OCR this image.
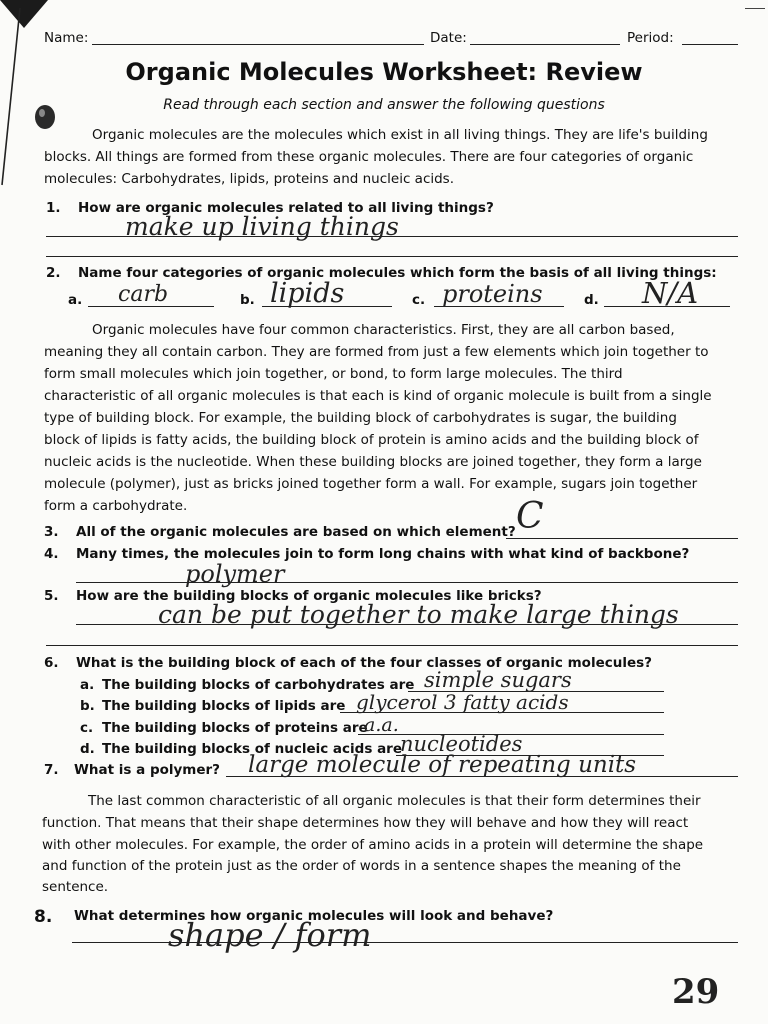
Name:	Date:	Period:
Organic Molecules Worksheet: Review
Read through each section and answer the following questions
Organic molecules are the molecules which exist in all living things. They are life's building
blocks. All things are formed from these organic molecules. There are four categories of organic
molecules: Carbohydrates, lipids, proteins and nucleic acids.
1. How are organic molecules related to all living things?
make up living things
2. Name four categories of organic molecules which form the basis of all living things:
a. carb	b. lipids	c. proteins	d. N/A
Organic molecules have four common characteristics. First, they are all carbon based,
meaning they all contain carbon. They are formed from just a few elements which join together to
form small molecules which join together, or bond, to form large molecules. The third
characteristic of all organic molecules is that each is kind of organic molecule is built from a single
type of building block. For example, the building block of carbohydrates is sugar, the building
block of lipids is fatty acids, the building block of protein is amino acids and the building block of
nucleic acids is the nucleotide. When these building blocks are joined together, they form a large
molecule (polymer), just as bricks joined together form a wall. For example, sugars join together
form a carbohydrate.
3. All of the organic molecules are based on which element? C
4. Many times, the molecules join to form long chains with what kind of backbone?
polymer
5. How are the building blocks of organic molecules like bricks?
can be put together to make large things
6. What is the building block of each of the four classes of organic molecules?
a. The building blocks of carbohydrates are simple sugars
b. The building blocks of lipids are glycerol 3 fatty acids
c. The building blocks of proteins are
a.a.
d. The building blocks of nucleic acids are
nucleotides
7. What is a polymer? large molecule of repeating units
The last common characteristic of all organic molecules is that their form determines their
function. That means that their shape determines how they will behave and how they will react
with other molecules. For example, the order of amino acids in a protein will determine the shape
and function of the protein just as the order of words in a sentence shapes the meaning of the
sentence.
8. What determines how organic molecules will look and behave?
shape / form
29
